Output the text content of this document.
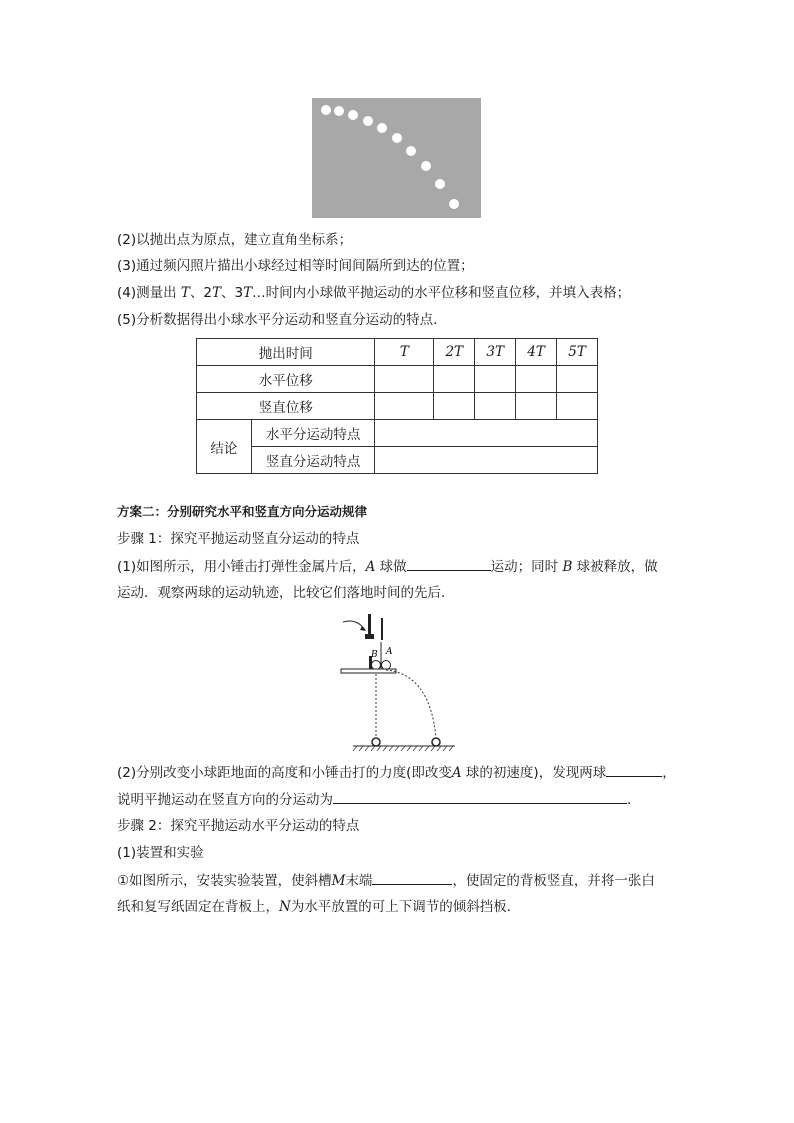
(2)以抛出点为原点，建立直角坐标系；
(3)通过频闪照片描出小球经过相等时间间隔所到达的位置；
(4)测量出 T、2T、3T…时间内小球做平抛运动的水平位移和竖直位移，并填入表格；
(5)分析数据得出小球水平分运动和竖直分运动的特点．
抛出时间		T	2T	3T	4T	5T
水平位移						
竖直位移						
结论	水平分运动特点					
	竖直分运动特点					
方案二：分别研究水平和竖直方向分运动规律
步骤 1：探究平抛运动竖直分运动的特点
(1)如图所示，用小锤击打弹性金属片后，A 球做	运动；同时 B 球被释放，做
运动．观察两球的运动轨迹，比较它们落地时间的先后．
B A
(2)分别改变小球距地面的高度和小锤击打的力度(即改变A 球的初速度)，发现两球	，
说明平抛运动在竖直方向的分运动为	．
步骤 2：探究平抛运动水平分运动的特点
(1)装置和实验
①如图所示，安装实验装置，使斜槽M末端	，使固定的背板竖直，并将一张白
纸和复写纸固定在背板上，N为水平放置的可上下调节的倾斜挡板．
